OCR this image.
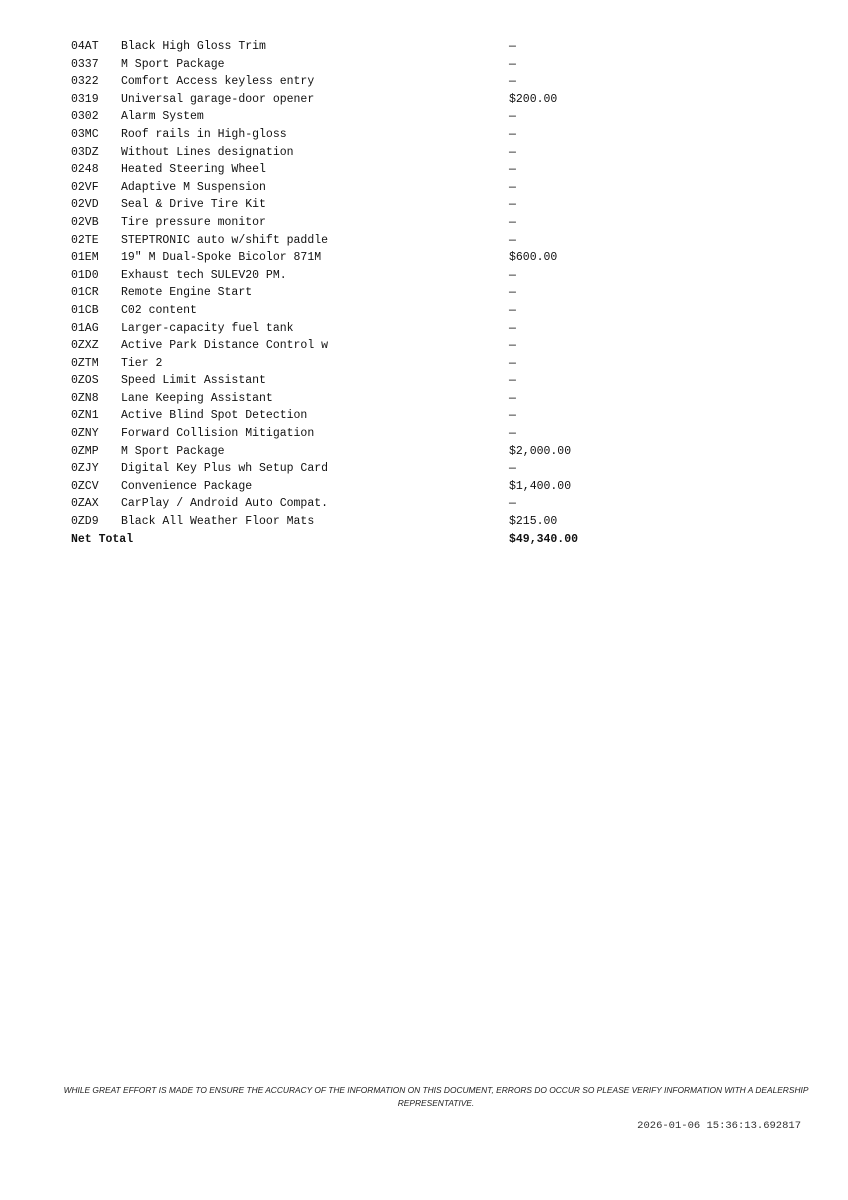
04AT	Black High Gloss Trim	—
0337	M Sport Package	—
0322	Comfort Access keyless entry	—
0319	Universal garage-door opener	$200.00
0302	Alarm System	—
03MC	Roof rails in High-gloss	—
03DZ	Without Lines designation	—
0248	Heated Steering Wheel	—
02VF	Adaptive M Suspension	—
02VD	Seal & Drive Tire Kit	—
02VB	Tire pressure monitor	—
02TE	STEPTRONIC auto w/shift paddle	—
01EM	19" M Dual-Spoke Bicolor 871M	$600.00
01D0	Exhaust tech SULEV20 PM.	—
01CR	Remote Engine Start	—
01CB	C02 content	—
01AG	Larger-capacity fuel tank	—
0ZXZ	Active Park Distance Control w	—
0ZTM	Tier 2	—
0ZOS	Speed Limit Assistant	—
0ZN8	Lane Keeping Assistant	—
0ZN1	Active Blind Spot Detection	—
0ZNY	Forward Collision Mitigation	—
0ZMP	M Sport Package	$2,000.00
0ZJY	Digital Key Plus wh Setup Card	—
0ZCV	Convenience Package	$1,400.00
0ZAX	CarPlay / Android Auto Compat.	—
0ZD9	Black All Weather Floor Mats	$215.00
Net Total	$49,340.00
WHILE GREAT EFFORT IS MADE TO ENSURE THE ACCURACY OF THE INFORMATION ON THIS DOCUMENT, ERRORS DO OCCUR SO PLEASE VERIFY INFORMATION WITH A DEALERSHIP REPRESENTATIVE.
2026-01-06 15:36:13.692817
